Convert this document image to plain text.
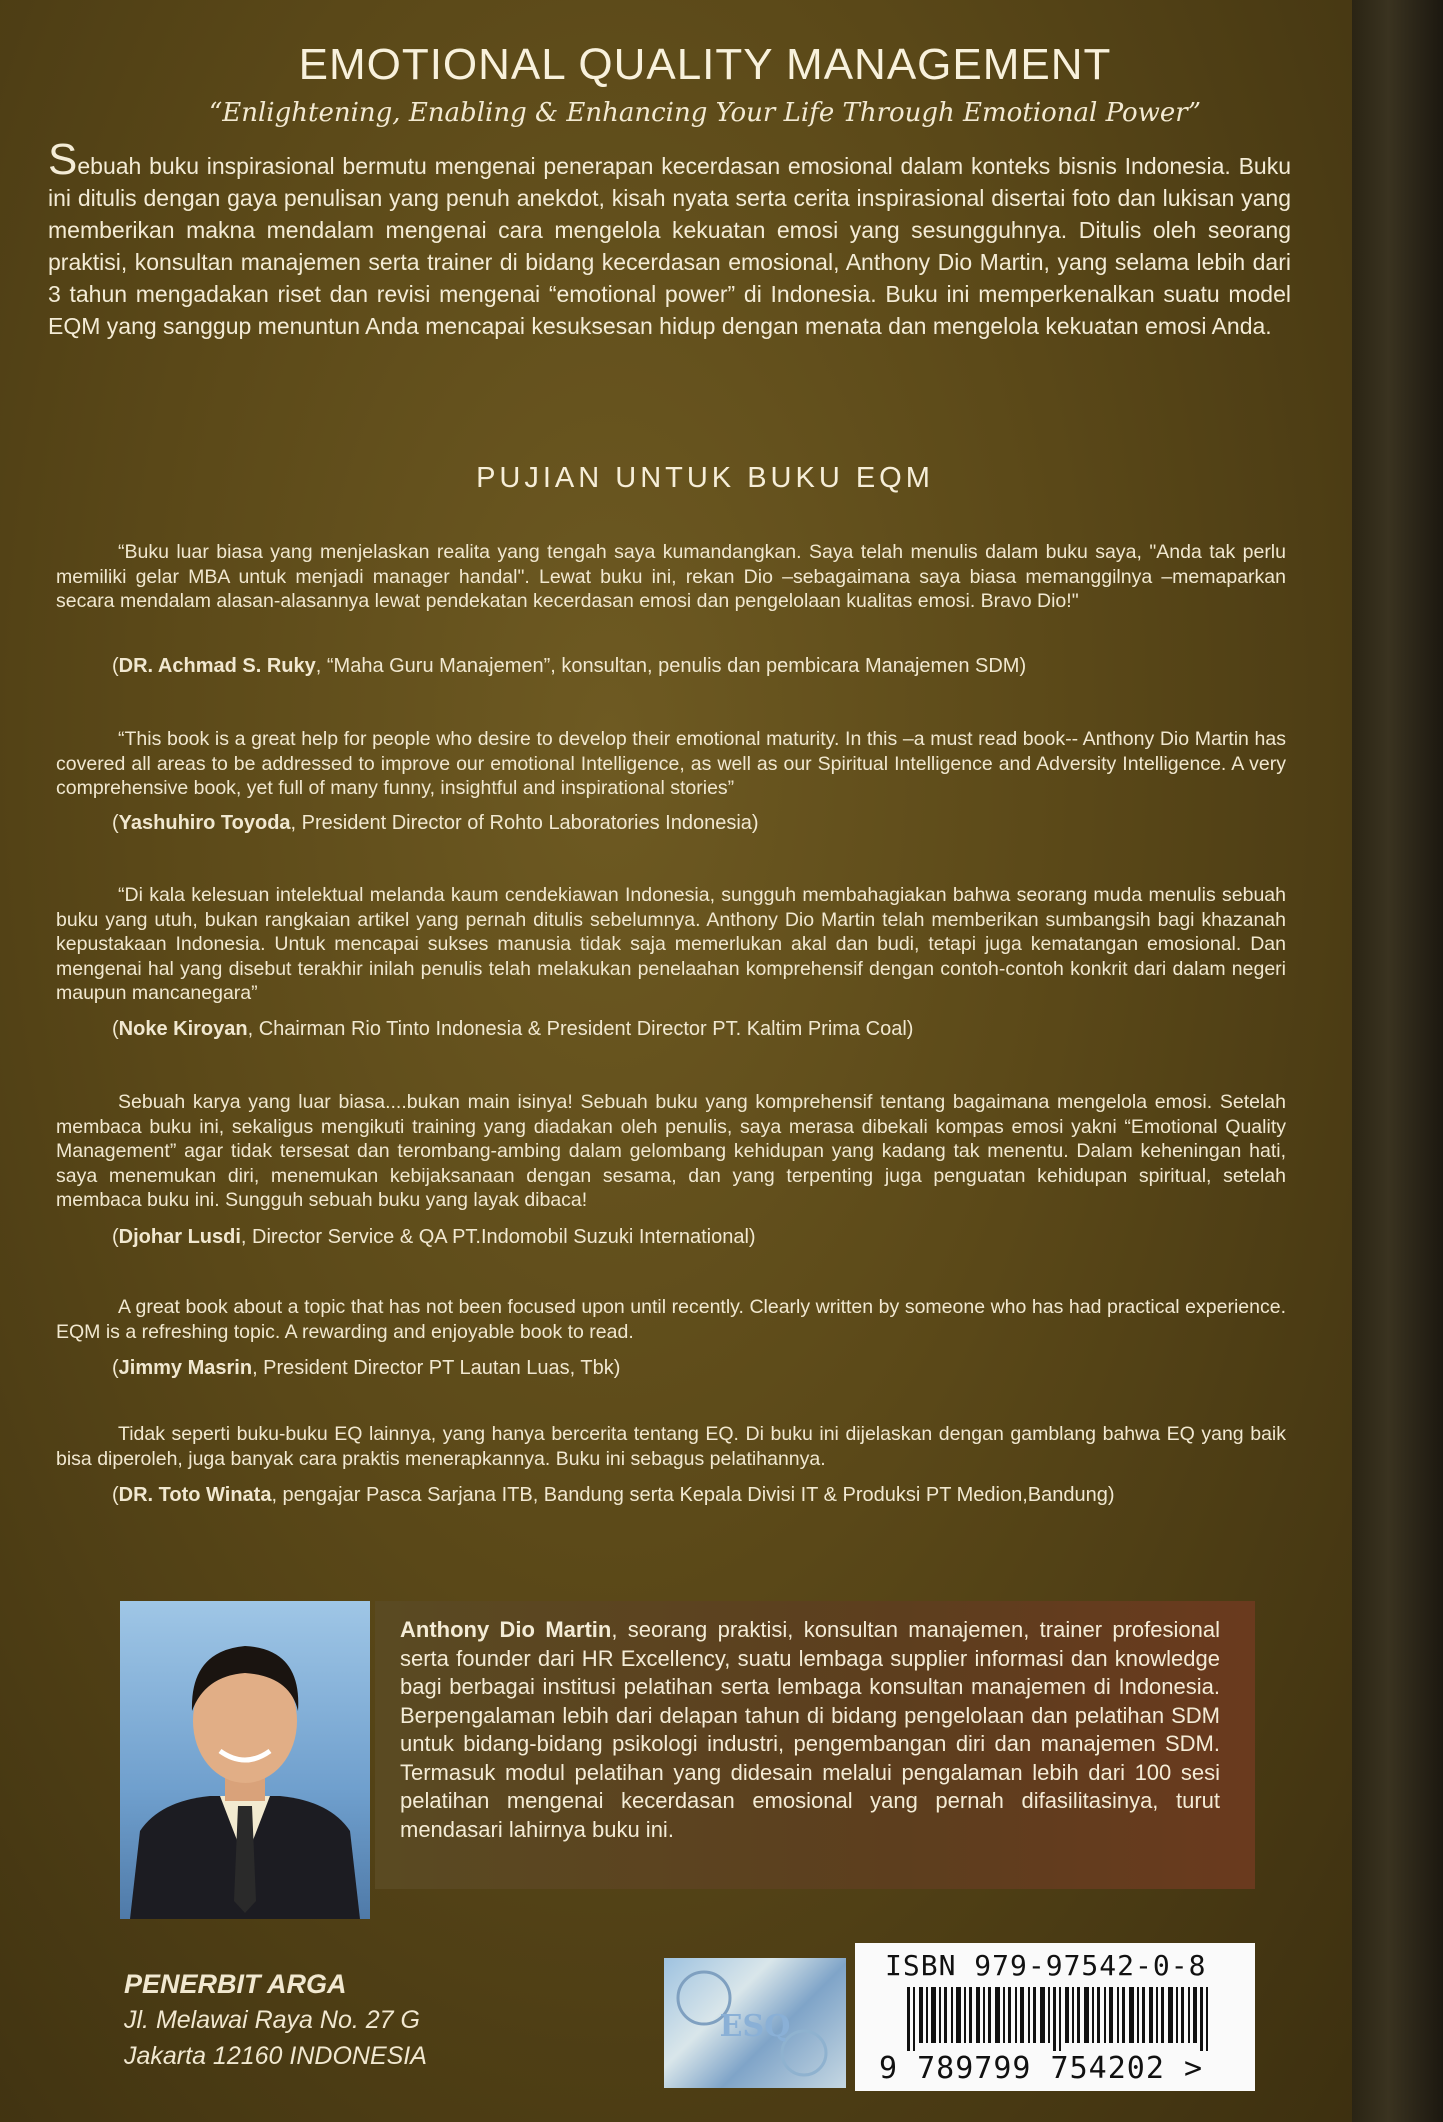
EMOTIONAL QUALITY MANAGEMENT
“Enlightening, Enabling & Enhancing Your Life Through Emotional Power”
Sebuah buku inspirasional bermutu mengenai penerapan kecerdasan emosional dalam konteks bisnis Indonesia. Buku ini ditulis dengan gaya penulisan yang penuh anekdot, kisah nyata serta cerita inspirasional disertai foto dan lukisan yang memberikan makna mendalam mengenai cara mengelola kekuatan emosi yang sesungguhnya. Ditulis oleh seorang praktisi, konsultan manajemen serta trainer di bidang kecerdasan emosional, Anthony Dio Martin, yang selama lebih dari 3 tahun mengadakan riset dan revisi mengenai “emotional power” di Indonesia. Buku ini memperkenalkan suatu model EQM yang sanggup menuntun Anda mencapai kesuksesan hidup dengan menata dan mengelola kekuatan emosi Anda.
PUJIAN UNTUK BUKU EQM
“Buku luar biasa yang menjelaskan realita yang tengah saya kumandangkan. Saya telah menulis dalam buku saya, "Anda tak perlu memiliki gelar MBA untuk menjadi manager handal". Lewat buku ini, rekan Dio –sebagaimana saya biasa memanggilnya –memaparkan secara mendalam alasan-alasannya lewat pendekatan kecerdasan emosi dan pengelolaan kualitas emosi. Bravo Dio!"
(DR. Achmad S. Ruky, “Maha Guru Manajemen”, konsultan, penulis dan pembicara Manajemen SDM)
“This book is a great help for people who desire to develop their emotional maturity. In this –a must read book-- Anthony Dio Martin has covered all areas to be addressed to improve our emotional Intelligence, as well as our Spiritual Intelligence and Adversity Intelligence. A very comprehensive book, yet full of many funny, insightful and inspirational stories”
(Yashuhiro Toyoda, President Director of Rohto Laboratories Indonesia)
“Di kala kelesuan intelektual melanda kaum cendekiawan Indonesia, sungguh membahagiakan bahwa seorang muda menulis sebuah buku yang utuh, bukan rangkaian artikel yang pernah ditulis sebelumnya. Anthony Dio Martin telah memberikan sumbangsih bagi khazanah kepustakaan Indonesia. Untuk mencapai sukses manusia tidak saja memerlukan akal dan budi, tetapi juga kematangan emosional. Dan mengenai hal yang disebut terakhir inilah penulis telah melakukan penelaahan komprehensif dengan contoh-contoh konkrit dari dalam negeri maupun mancanegara”
(Noke Kiroyan, Chairman Rio Tinto Indonesia & President Director PT. Kaltim Prima Coal)
Sebuah karya yang luar biasa....bukan main isinya! Sebuah buku yang komprehensif tentang bagaimana mengelola emosi. Setelah membaca buku ini, sekaligus mengikuti training yang diadakan oleh penulis, saya merasa dibekali kompas emosi yakni “Emotional Quality Management” agar tidak tersesat dan terombang-ambing dalam gelombang kehidupan yang kadang tak menentu. Dalam keheningan hati, saya menemukan diri, menemukan kebijaksanaan dengan sesama, dan yang terpenting juga penguatan kehidupan spiritual, setelah membaca buku ini. Sungguh sebuah buku yang layak dibaca!
(Djohar Lusdi, Director Service & QA PT.Indomobil Suzuki International)
A great book about a topic that has not been focused upon until recently. Clearly written by someone who has had practical experience. EQM is a refreshing topic. A rewarding and enjoyable book to read.
(Jimmy Masrin, President Director PT Lautan Luas, Tbk)
Tidak seperti buku-buku EQ lainnya, yang hanya bercerita tentang EQ. Di buku ini dijelaskan dengan gamblang bahwa EQ yang baik bisa diperoleh, juga banyak cara praktis menerapkannya. Buku ini sebagus pelatihannya.
(DR. Toto Winata, pengajar Pasca Sarjana ITB, Bandung serta Kepala Divisi IT & Produksi PT Medion,Bandung)
Anthony Dio Martin, seorang praktisi, konsultan manajemen, trainer profesional serta founder dari HR Excellency, suatu lembaga supplier informasi dan knowledge bagi berbagai institusi pelatihan serta lembaga konsultan manajemen di Indonesia. Berpengalaman lebih dari delapan tahun di bidang pengelolaan dan pelatihan SDM untuk bidang-bidang psikologi industri, pengembangan diri dan manajemen SDM. Termasuk modul pelatihan yang didesain melalui pengalaman lebih dari 100 sesi pelatihan mengenai kecerdasan emosional yang pernah difasilitasinya, turut mendasari lahirnya buku ini.
PENERBIT ARGA
Jl. Melawai Raya No. 27 G
Jakarta 12160 INDONESIA
ESQ
ISBN 979-97542-0-8
9 789799 754202 >
